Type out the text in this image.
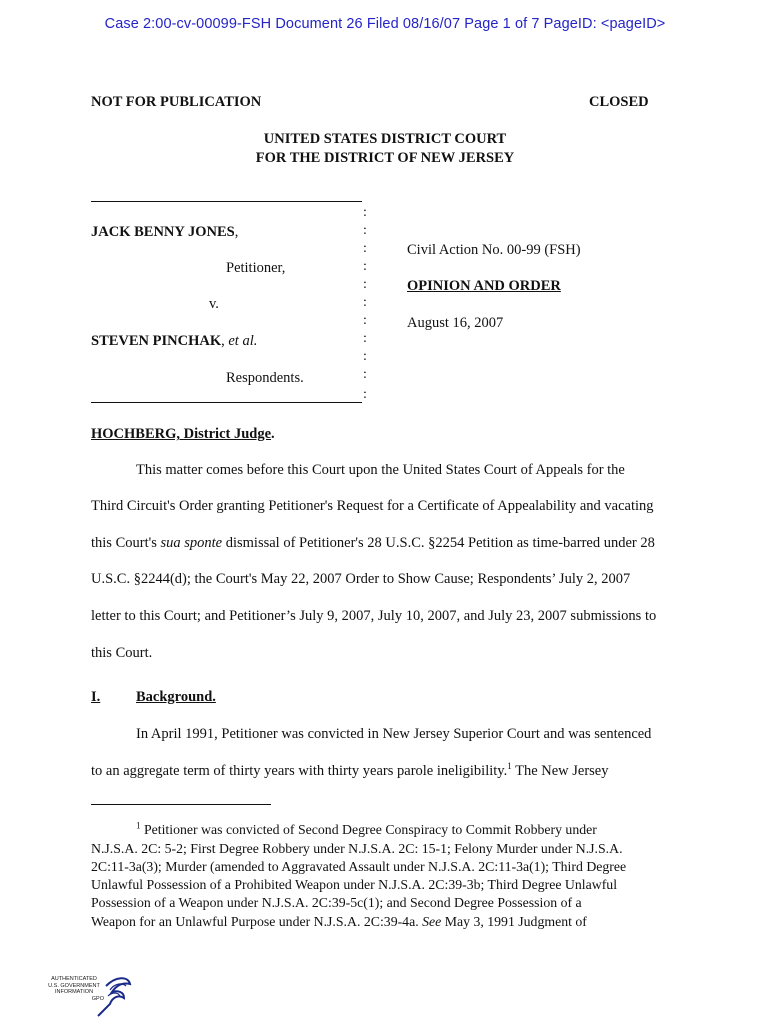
Case 2:00-cv-00099-FSH Document 26 Filed 08/16/07 Page 1 of 7 PageID: <pageID>
NOT FOR PUBLICATION	CLOSED
UNITED STATES DISTRICT COURT
FOR THE DISTRICT OF NEW JERSEY
:
:
:
:
:
:
:
:
:
:
:
JACK BENNY JONES,
Petitioner,
v.
STEVEN PINCHAK, et al.
Respondents.
Civil Action No. 00-99 (FSH)
OPINION AND ORDER
August 16, 2007
HOCHBERG, District Judge.
This matter comes before this Court upon the United States Court of Appeals for the
Third Circuit's Order granting Petitioner's Request for a Certificate of Appealability and vacating
this Court's sua sponte dismissal of Petitioner's 28 U.S.C. §2254 Petition as time-barred under 28
U.S.C. §2244(d); the Court's May 22, 2007 Order to Show Cause; Respondents’ July 2, 2007
letter to this Court; and Petitioner’s July 9, 2007, July 10, 2007, and July 23, 2007 submissions to
this Court.
I. Background.
In April 1991, Petitioner was convicted in New Jersey Superior Court and was sentenced
to an aggregate term of thirty years with thirty years parole ineligibility.$^1$ The New Jersey
$^1$ Petitioner was convicted of Second Degree Conspiracy to Commit Robbery under
N.J.S.A. 2C: 5-2; First Degree Robbery under N.J.S.A. 2C: 15-1; Felony Murder under N.J.S.A.
2C:11-3a(3); Murder (amended to Aggravated Assault under N.J.S.A. 2C:11-3a(1); Third Degree
Unlawful Possession of a Prohibited Weapon under N.J.S.A. 2C:39-3b; Third Degree Unlawful
Possession of a Weapon under N.J.S.A. 2C:39-5c(1); and Second Degree Possession of a
Weapon for an Unlawful Purpose under N.J.S.A. 2C:39-4a. See May 3, 1991 Judgment of
AUTHENTICATED
U.S. GOVERNMENT
INFORMATION
GPO
